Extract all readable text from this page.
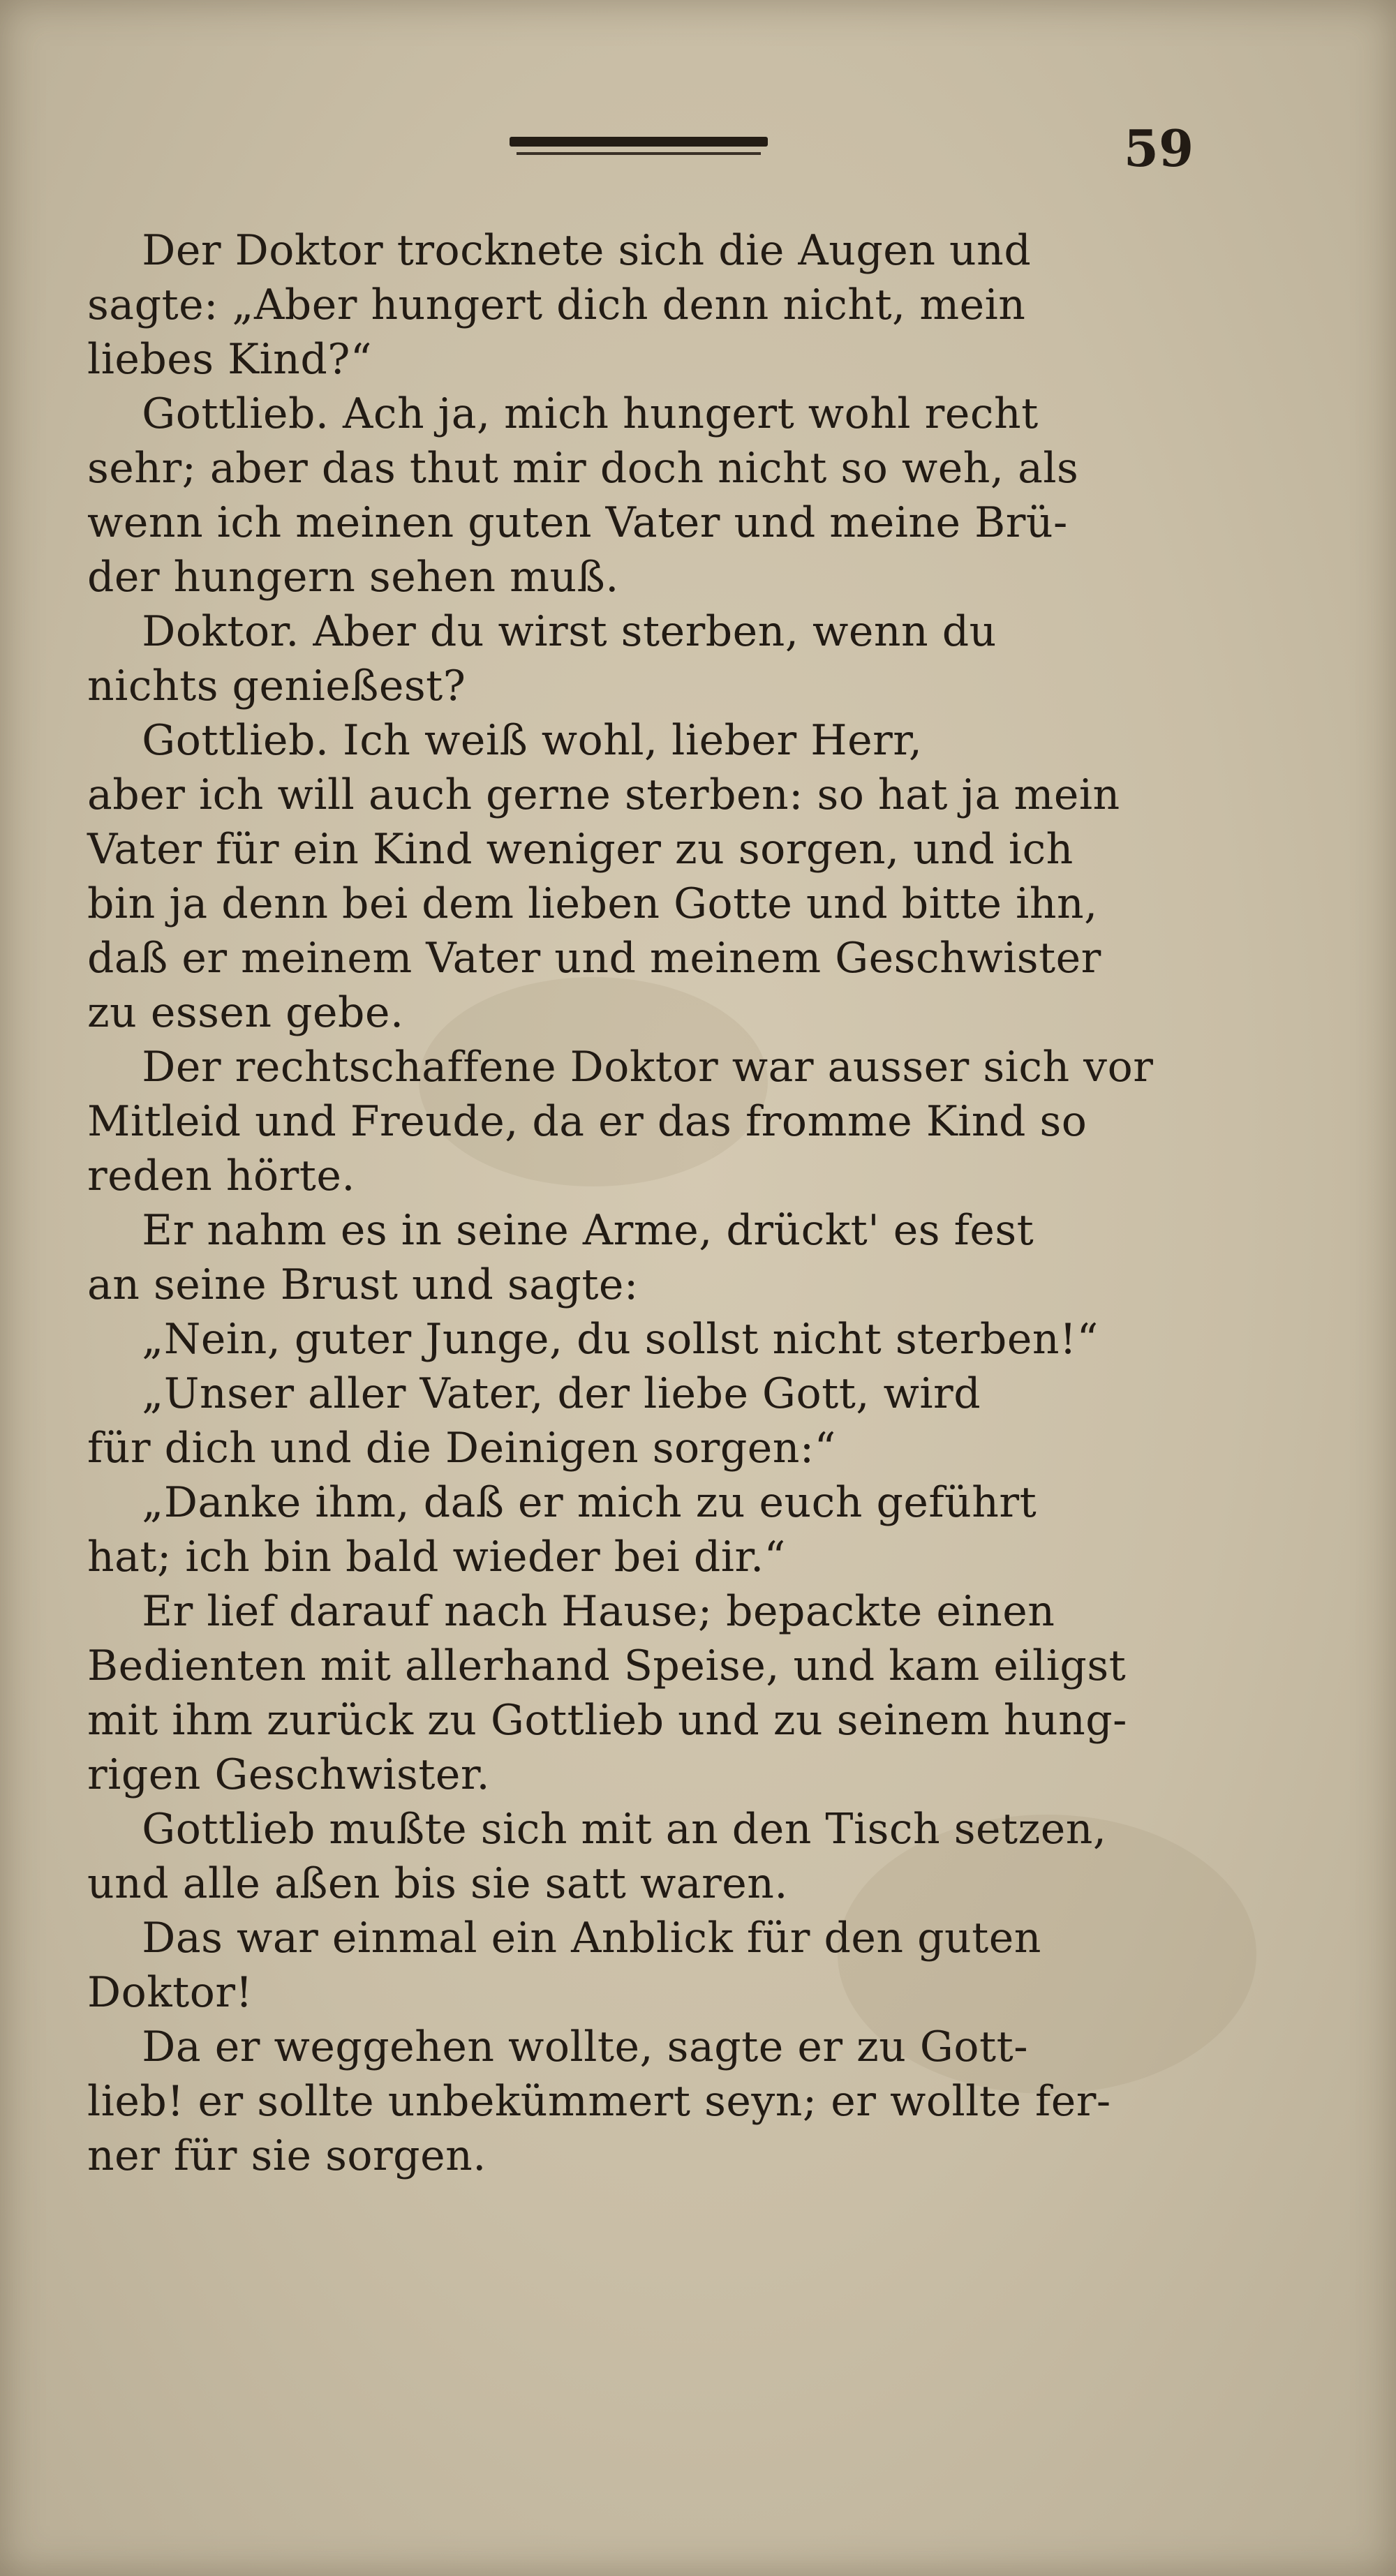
59
Der Doktor trocknete sich die Augen und
sagte: „Aber hungert dich denn nicht, mein
liebes Kind?“
Gottlieb. Ach ja, mich hungert wohl recht
sehr; aber das thut mir doch nicht so weh, als
wenn ich meinen guten Vater und meine Brü-
der hungern sehen muß.
Doktor. Aber du wirst sterben, wenn du
nichts genießest?
Gottlieb. Ich weiß wohl, lieber Herr,
aber ich will auch gerne sterben: so hat ja mein
Vater für ein Kind weniger zu sorgen, und ich
bin ja denn bei dem lieben Gotte und bitte ihn,
daß er meinem Vater und meinem Geschwister
zu essen gebe.
Der rechtschaffene Doktor war ausser sich vor
Mitleid und Freude, da er das fromme Kind so
reden hörte.
Er nahm es in seine Arme, drückt' es fest
an seine Brust und sagte:
„Nein, guter Junge, du sollst nicht sterben!“
„Unser aller Vater, der liebe Gott, wird
für dich und die Deinigen sorgen:“
„Danke ihm, daß er mich zu euch geführt
hat; ich bin bald wieder bei dir.“
Er lief darauf nach Hause; bepackte einen
Bedienten mit allerhand Speise, und kam eiligst
mit ihm zurück zu Gottlieb und zu seinem hung-
rigen Geschwister.
Gottlieb mußte sich mit an den Tisch setzen,
und alle aßen bis sie satt waren.
Das war einmal ein Anblick für den guten
Doktor!
Da er weggehen wollte, sagte er zu Gott-
lieb! er sollte unbekümmert seyn; er wollte fer-
ner für sie sorgen.
